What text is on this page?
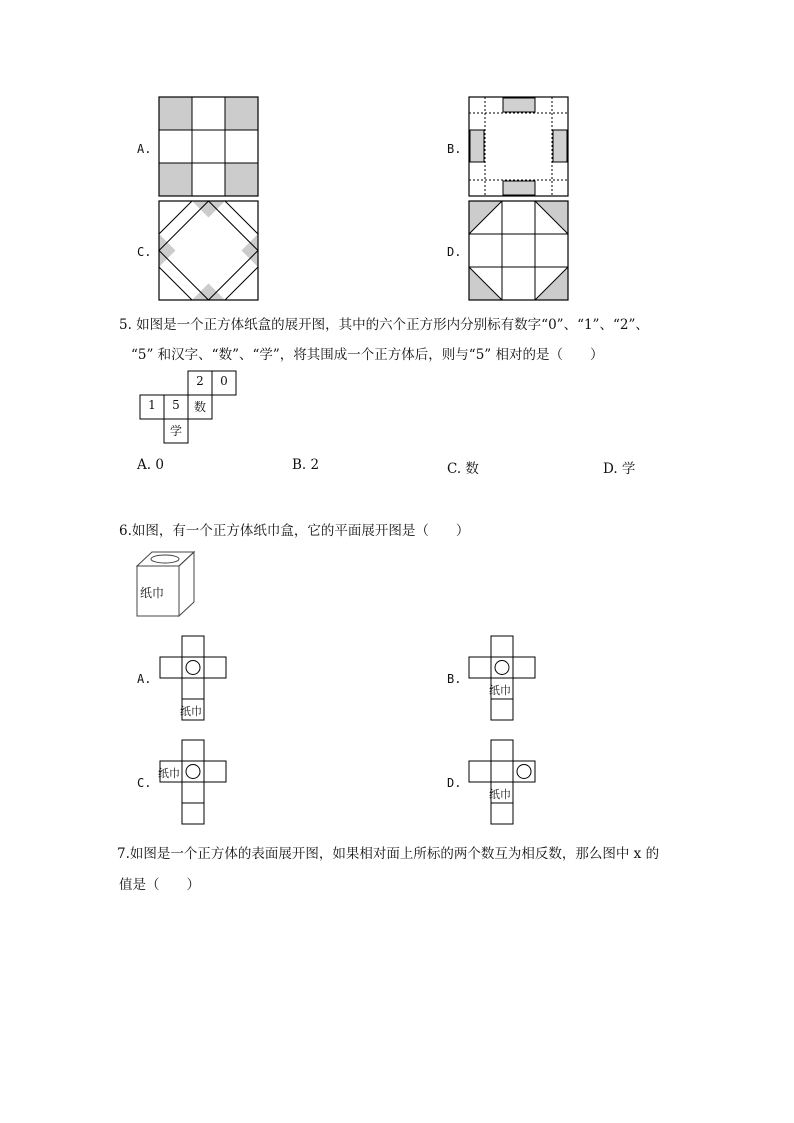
A.	B.
C.	D.
5. 如图是一个正方体纸盒的展开图，其中的六个正方形内分别标有数字“0”、“1”、“2”、
“5” 和汉字、“数”、“学”，将其围成一个正方体后，则与“5” 相对的是（　　）
2	0
1	5	数
学
A. 0	B. 2	C. 数	D. 学
6.如图，有一个正方体纸巾盒，它的平面展开图是（　　）
纸巾
A.
纸巾
B.
纸巾
C.
纸巾
D.
纸巾
7.如图是一个正方体的表面展开图，如果相对面上所标的两个数互为相反数，那么图中 x 的
值是（　　）
